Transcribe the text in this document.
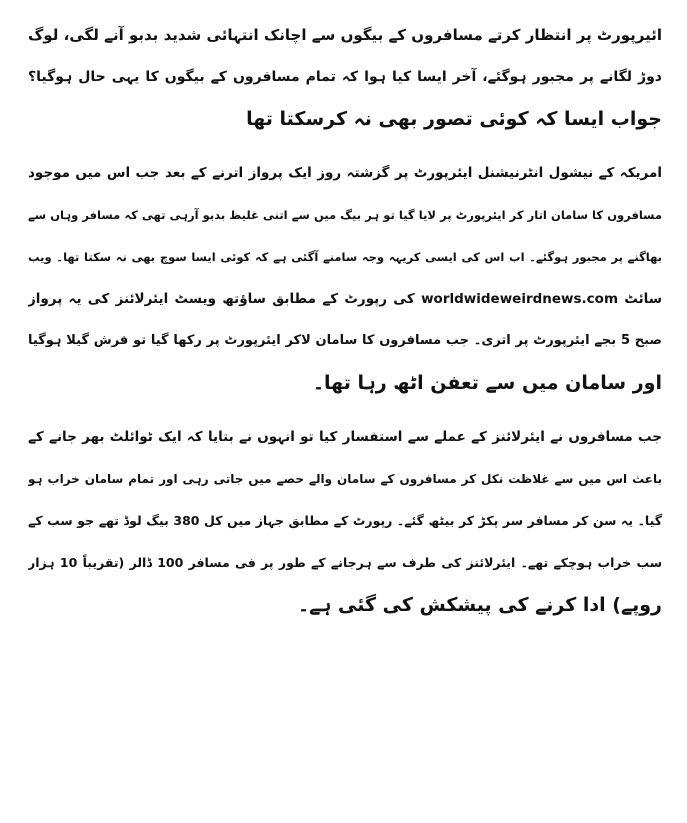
ائیرپورٹ پر انتظار کرتے مسافروں کے بیگوں سے اچانک انتہائی شدید بدبو آنے لگی، لوگ
دوڑ لگانے پر مجبور ہوگئے، آخر ایسا کیا ہوا کہ تمام مسافروں کے بیگوں کا یہی حال ہوگیا؟
جواب ایسا کہ کوئی تصور بھی نہ کرسکتا تھا
امریکہ کے نیشول انٹرنیشنل ایئرپورٹ پر گزشتہ روز ایک پرواز اترنے کے بعد جب اس میں موجود
مسافروں کا سامان اتار کر ایئرپورٹ پر لایا گیا تو ہر بیگ میں سے اتنی غلیظ بدبو آرہی تھی کہ مسافر وہاں سے
بھاگنے پر مجبور ہوگئے۔ اب اس کی ایسی کریہہ وجہ سامنے آگئی ہے کہ کوئی ایسا سوچ بھی نہ سکتا تھا۔ ویب
سائٹ worldwideweirdnews.com کی رپورٹ کے مطابق ساﺅتھ ویسٹ ایئرلائنز کی یہ پرواز
صبح 5 بجے ایئرپورٹ پر اتری۔ جب مسافروں کا سامان لاکر ایئرپورٹ پر رکھا گیا تو فرش گیلا ہوگیا
اور سامان میں سے تعفن اٹھ رہا تھا۔
جب مسافروں نے ایئرلائنز کے عملے سے استفسار کیا تو انہوں نے بتایا کہ ایک ٹوائلٹ بھر جانے کے
باعث اس میں سے غلاظت نکل کر مسافروں کے سامان والے حصے میں جاتی رہی اور تمام سامان خراب ہو
گیا۔ یہ سن کر مسافر سر پکڑ کر بیٹھ گئے۔ رپورٹ کے مطابق جہاز میں کل 380 بیگ لوڈ تھے جو سب کے
سب خراب ہوچکے تھے۔ ایئرلائنز کی طرف سے ہرجانے کے طور پر فی مسافر 100 ڈالر (تقریباً 10 ہزار
روپے) ادا کرنے کی پیشکش کی گئی ہے۔
